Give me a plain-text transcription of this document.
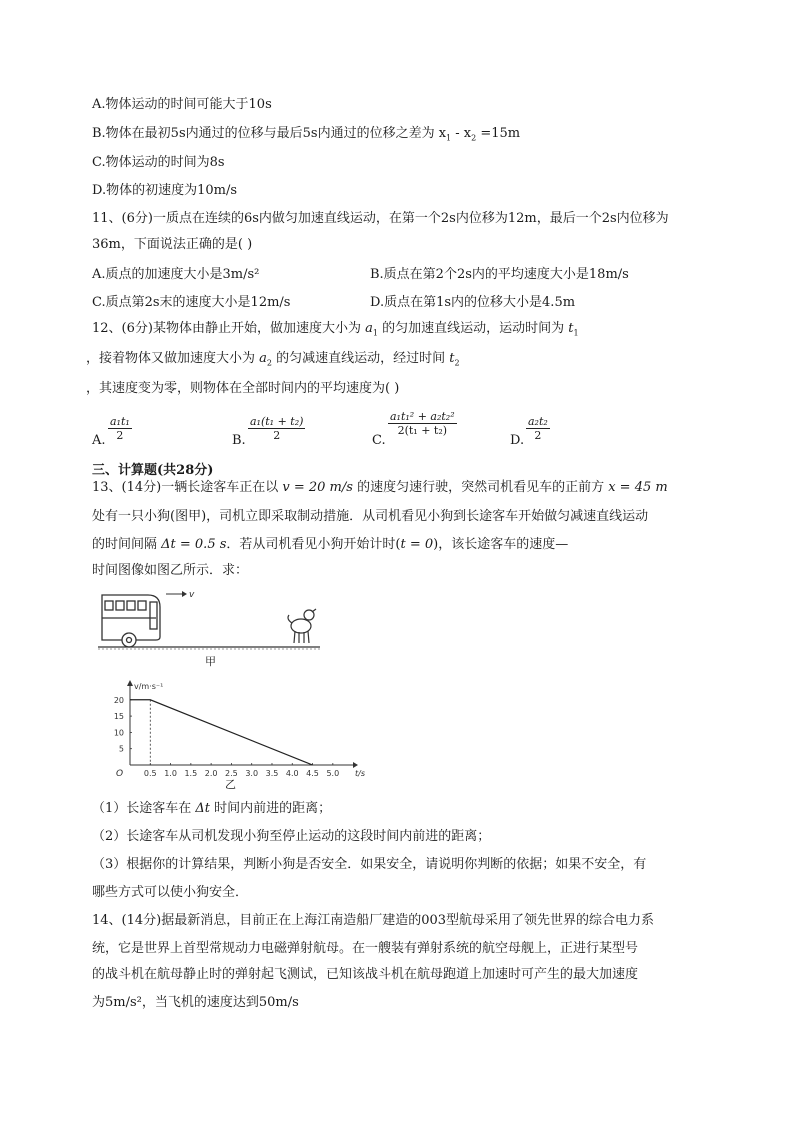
A.物体运动的时间可能大于10s
B.物体在最初5s内通过的位移与最后5s内通过的位移之差为 $x_1 - x_2 =15m$
C.物体运动的时间为8s
D.物体的初速度为10m/s
11、(6分)一质点在连续的6s内做匀加速直线运动，在第一个2s内位移为12m，最后一个2s内位移为
36m，下面说法正确的是( )
A.质点的加速度大小是3m/s²	B.质点在第2个2s内的平均速度大小是18m/s
C.质点第2s末的速度大小是12m/s	D.质点在第1s内的位移大小是4.5m
12、(6分)某物体由静止开始，做加速度大小为 $a_1$ 的匀加速直线运动，运动时间为 $t_1$
，接着物体又做加速度大小为 $a_2$ 的匀减速直线运动，经过时间 $t_2$
，其速度变为零，则物体在全部时间内的平均速度为( )
A. $\frac{\text{a₁t₁}}{2}$	B. $\frac{\text{a₁(t₁ + t₂)}}{2}$	C.
$\frac{\text{a₁t₁² + a₂t₂²}}{\text{2(t₁ + t₂)}}$
D. $\frac{\text{a₂t₂}}{2}$
三、计算题(共28分)
13、(14分)一辆长途客车正在以 v = 20 m/s 的速度匀速行驶，突然司机看见车的正前方 x = 45 m
处有一只小狗(图甲)，司机立即采取制动措施．从司机看见小狗到长途客车开始做匀减速直线运动
的时间间隔 Δt = 0.5 s．若从司机看见小狗开始计时(t = 0)，该长途客车的速度—
时间图像如图乙所示．求：
v
甲
v/m·s⁻¹
t/s
O	0.5 1.0 1.5 2.0 2.5 3.0 3.5 4.0 4.5 5.0
5
10
15
20
乙
（1）长途客车在 Δt 时间内前进的距离；
（2）长途客车从司机发现小狗至停止运动的这段时间内前进的距离；
（3）根据你的计算结果，判断小狗是否安全．如果安全，请说明你判断的依据；如果不安全，有
哪些方式可以使小狗安全．
14、(14分)据最新消息，目前正在上海江南造船厂建造的003型航母采用了领先世界的综合电力系
统，它是世界上首型常规动力电磁弹射航母。在一艘装有弹射系统的航空母舰上，正进行某型号
的战斗机在航母静止时的弹射起飞测试，已知该战斗机在航母跑道上加速时可产生的最大加速度
为5m/s²，当飞机的速度达到50m/s
